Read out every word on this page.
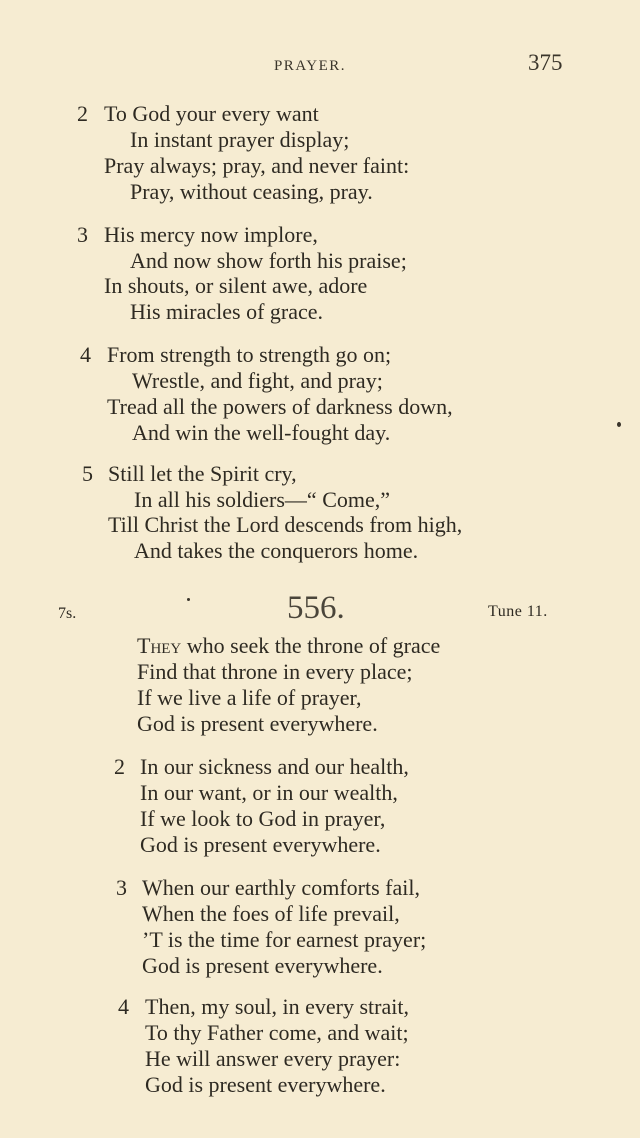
PRAYER.	375
2 To God your every want
In instant prayer display;
Pray always; pray, and never faint:
Pray, without ceasing, pray.
3 His mercy now implore,
And now show forth his praise;
In shouts, or silent awe, adore
His miracles of grace.
4 From strength to strength go on;
Wrestle, and fight, and pray;
Tread all the powers of darkness down,
And win the well-fought day.
5 Still let the Spirit cry,
In all his soldiers—“ Come,”
Till Christ the Lord descends from high,
And takes the conquerors home.
7s.	556.	Tune 11.
They who seek the throne of grace
Find that throne in every place;
If we live a life of prayer,
God is present everywhere.
2 In our sickness and our health,
In our want, or in our wealth,
If we look to God in prayer,
God is present everywhere.
3 When our earthly comforts fail,
When the foes of life prevail,
’T is the time for earnest prayer;
God is present everywhere.
4 Then, my soul, in every strait,
To thy Father come, and wait;
He will answer every prayer:
God is present everywhere.
